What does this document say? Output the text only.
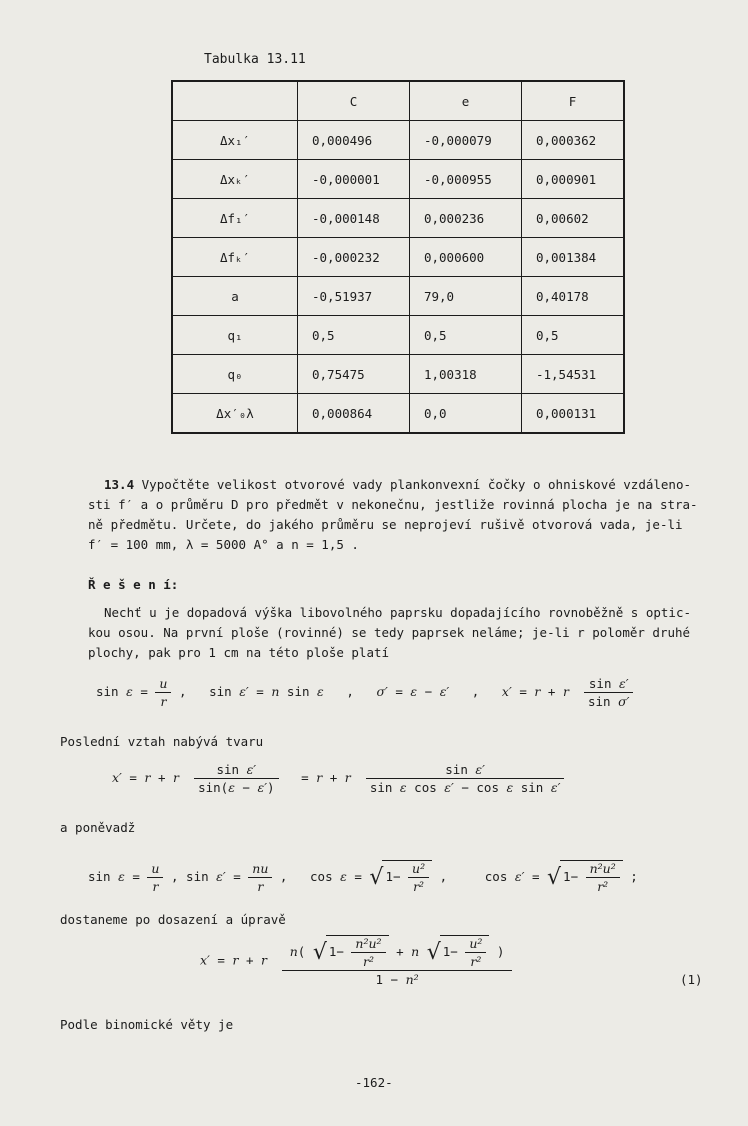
Tabulka 13.11
	C	e	F
Δx₁′	0,000496	-0,000079	0,000362
Δxₖ′	-0,000001	-0,000955	0,000901
Δf₁′	-0,000148	0,000236	0,00602
Δfₖ′	-0,000232	0,000600	0,001384
a	-0,51937	79,0	0,40178
q₁	0,5	0,5	0,5
q₀	0,75475	1,00318	-1,54531
Δx′₀λ	0,000864	0,0	0,000131
13.4 Vypočtěte velikost otvorové vady plankonvexní čočky o ohniskové vzdáleno-
sti f′ a o průměru D pro předmět v nekonečnu, jestliže rovinná plocha je na stra-
ně předmětu. Určete, do jakého průměru se neprojeví rušivě otvorová vada, je-li
f′ = 100 mm, λ = 5000 A° a n = 1,5 .
Ř e š e n í:
Nechť u je dopadová výška libovolného paprsku dopadajícího rovnoběžně s optic-
kou osou. Na první ploše (rovinné) se tedy paprsek neláme; je-li r poloměr druhé
plochy, pak pro 1 cm na této ploše platí
$\sin \varepsilon = \frac{u}{r}$ ,   sin ε′ = n sin ε   ,   σ′ = ε − ε′   ,   x′ = r + r $\frac{\text{sin ε′}}{\text{sin σ′}}$
Poslední vztah nabývá tvaru
x′ = r + r $\frac{\text{sin ε′}}{\sin(\varepsilon - \varepsilon')} = r + r \frac{\text{sin ε′}}{\text{sin ε cos ε′ − cos ε sin ε′}}$
a poněvadž
$\sin \varepsilon = \frac{u}{r}$ , $\sin \varepsilon' = \frac{nu}{r}$ ,   cos ε = √ $1- \frac{\text{u²}}{\text{r²}}$ ,     cos ε′ = √ $1- \frac{\text{n²u²}}{\text{r²}}$ ;
dostaneme po dosazení a úpravě
x′ = r + r $\frac{n( √ 1- \frac{\text{n²u²}}{\text{r²}} + n √ 1- \frac{\text{u²}}{\text{r²}} )}{\text{1 − n²}}$	(1)
Podle binomické věty je
-162-
